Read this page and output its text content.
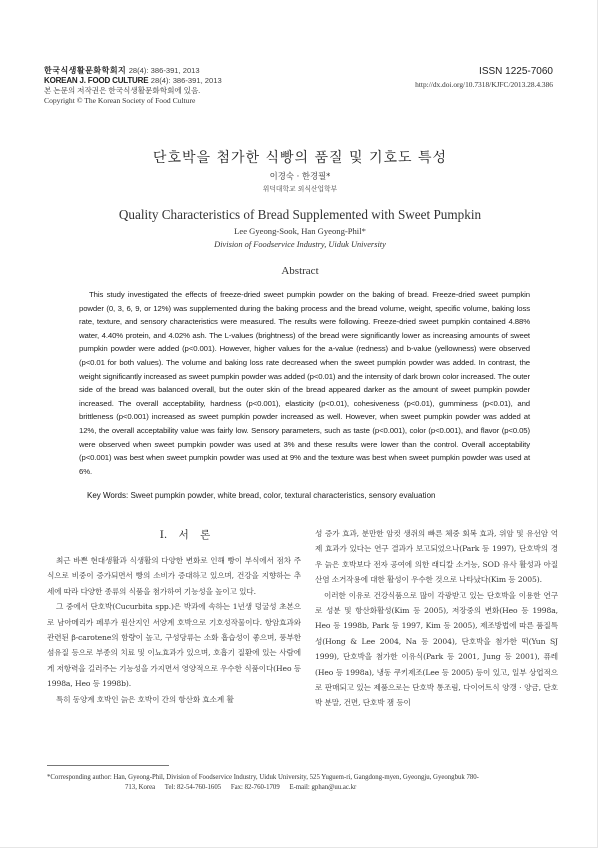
한국식생활문화학회지 28(4): 386-391, 2013
KOREAN J. FOOD CULTURE 28(4): 386-391, 2013
본 논문의 저작권은 한국식생활문화학회에 있음.
Copyright © The Korean Society of Food Culture
ISSN 1225-7060
http://dx.doi.org/10.7318/KJFC/2013.28.4.386
단호박을 첨가한 식빵의 품질 및 기호도 특성
이경숙 · 한경필*
위덕대학교 외식산업학부
Quality Characteristics of Bread Supplemented with Sweet Pumpkin
Lee Gyeong-Sook, Han Gyeong-Phil*
Division of Foodservice Industry, Uiduk University
Abstract
This study investigated the effects of freeze-dried sweet pumpkin powder on the baking of bread. Freeze-dried sweet pumpkin powder (0, 3, 6, 9, or 12%) was supplemented during the baking process and the bread volume, weight, specific volume, baking loss rate, texture, and sensory characteristics were measured. The results were following. Freeze-dried sweet pumpkin contained 4.88% water, 4.40% protein, and 4.02% ash. The L-values (brightness) of the bread were significantly lower as increasing amounts of sweet pumpkin powder were added (p<0.001). However, higher values for the a-value (redness) and b-value (yellowness) were observed (p<0.01 for both values). The volume and baking loss rate decreased when the sweet pumpkin powder was added. In contrast, the weight significantly increased as sweet pumpkin powder was added (p<0.01) and the intensity of dark brown color increased. The outer side of the bread was balanced overall, but the outer skin of the bread appeared darker as the amount of sweet pumpkin powder increased. The overall acceptability, hardness (p<0.001), elasticity (p<0.01), cohesiveness (p<0.01), gumminess (p<0.01), and brittleness (p<0.001) increased as sweet pumpkin powder increased as well. However, when sweet pumpkin powder was added at 12%, the overall acceptability value was fairly low. Sensory parameters, such as taste (p<0.001), color (p<0.001), and flavor (p<0.05) were observed when sweet pumpkin powder was used at 3% and these results were lower than the control. Overall acceptability (p<0.001) was best when sweet pumpkin powder was used at 9% and the texture was best when sweet pumpkin powder was used at 6%.
Key Words: Sweet pumpkin powder, white bread, color, textural characteristics, sensory evaluation
I. 서 론

최근 바쁜 현대생활과 식생활의 다양한 변화로 인해 빵이 부식에서 점차 주식으로 비중이 증가되면서 빵의 소비가 증대하고 있으며, 건강을 지향하는 추세에 따라 다양한 종류의 식품을 첨가하여 기능성을 높이고 있다.

그 중에서 단호박(Cucurbita spp.)은 박과에 속하는 1년생 덩굴성 초본으로 남아메리카 페루가 원산지인 서양계 호박으로 기호성작물이다. 항암효과와 관련된 β-carotene의 함량이 높고, 구성당류는 소화 흡습성이 좋으며, 풍부한 섬유질 등으로 부종의 치료 및 이뇨효과가 있으며, 호흡기 질환에 있는 사람에게 저항력을 길러주는 기능성을 가지면서 영양적으로 우수한 식품이다(Heo 등 1998a, Heo 등 1998b).

특히 동양계 호박인 늙은 호박이 간의 항산화 효소계 활

성 증가 효과, 분만한 암컷 생쥐의 빠른 체중 회복 효과, 위암 및 유선암 억제 효과가 있다는 연구 결과가 보고되었으나(Park 등 1997), 단호박의 경우 늙은 호박보다 전자 공여에 의한 래디칼 소거능, SOD 유사 활성과 아질산염 소거작용에 대한 활성이 우수한 것으로 나타났다(Kim 등 2005).

이러한 이유로 건강식품으로 많이 각광받고 있는 단호박을 이용한 연구로 성분 및 항산화활성(Kim 등 2005), 저장중의 변화(Heo 등 1998a, Heo 등 1998b, Park 등 1997, Kim 등 2005), 제조방법에 따른 품질특성(Hong & Lee 2004, Na 등 2004), 단호박을 첨가한 떡(Yun SJ 1999), 단호박을 첨가한 이유식(Park 등 2001, Jung 등 2001), 퓨레(Heo 등 1998a), 냉동 쿠키제조(Lee 등 2005) 등이 있고, 일부 상업적으로 판매되고 있는 제품으로는 단호박 통조림, 다이어트식 양갱 · 양금, 단호박 분말, 건면, 단호박 잼 등이

*Corresponding author: Han, Gyeong-Phil, Division of Foodservice Industry, Uiduk University, 525 Yuguem-ri, Gangdong-myen, Gyeongju, Gyeongbuk 780-
713, Korea Tel: 82-54-760-1605 Fax: 82-760-1709 E-mail: gphan@uu.ac.kr
